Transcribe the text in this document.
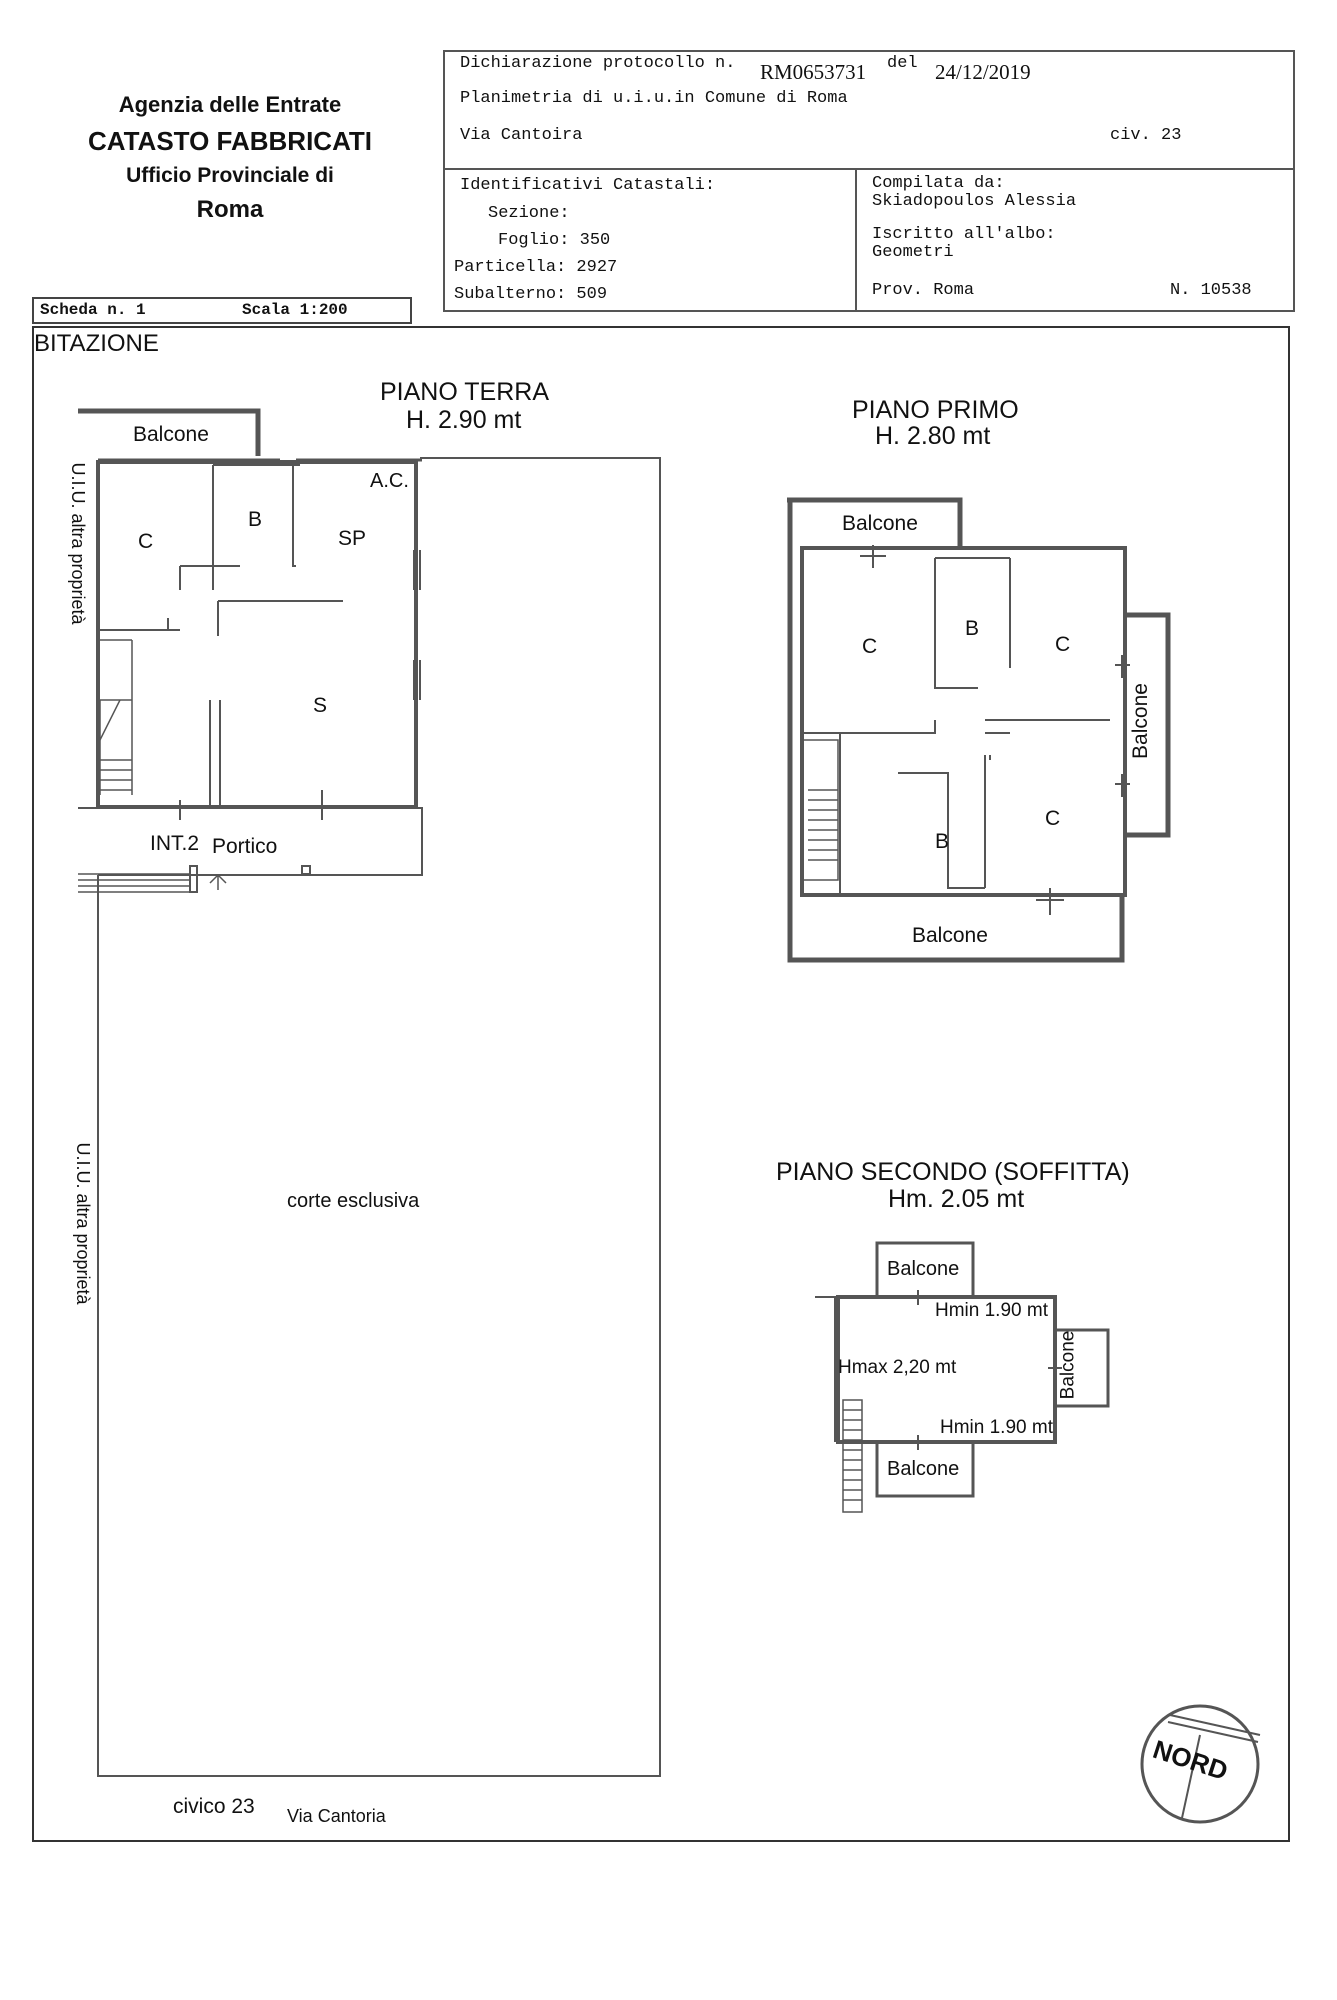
Agenzia delle Entrate
CATASTO FABBRICATI
Ufficio Provinciale di
Roma
Dichiarazione protocollo n. RM0653731 del 24/12/2019
Planimetria di u.i.u.in Comune di Roma
Via Cantoira	civ. 23
Identificativi Catastali:
Sezione:
Foglio: 350
Particella: 2927
Subalterno: 509
Compilata da:
Skiadopoulos Alessia
Iscritto all'albo:
Geometri
Prov. Roma	N. 10538
Scheda n. 1	Scala 1:200
BITAZIONE
PIANO TERRA
H. 2.90 mt
Balcone
A.C.
C
B
SP
S
INT.2 Portico
U.I.U. altra proprietà
U.I.U. altra proprietà	corte esclusiva
civico 23 Via Cantoria
PIANO PRIMO
H. 2.80 mt
Balcone
Balcone
Balcone
C
B
C
B
C
PIANO SECONDO (SOFFITTA)
Hm. 2.05 mt
Balcone
Balcone
Balcone
Hmin 1.90 mt
Hmax 2,20 mt
Hmin 1.90 mt
NORD
